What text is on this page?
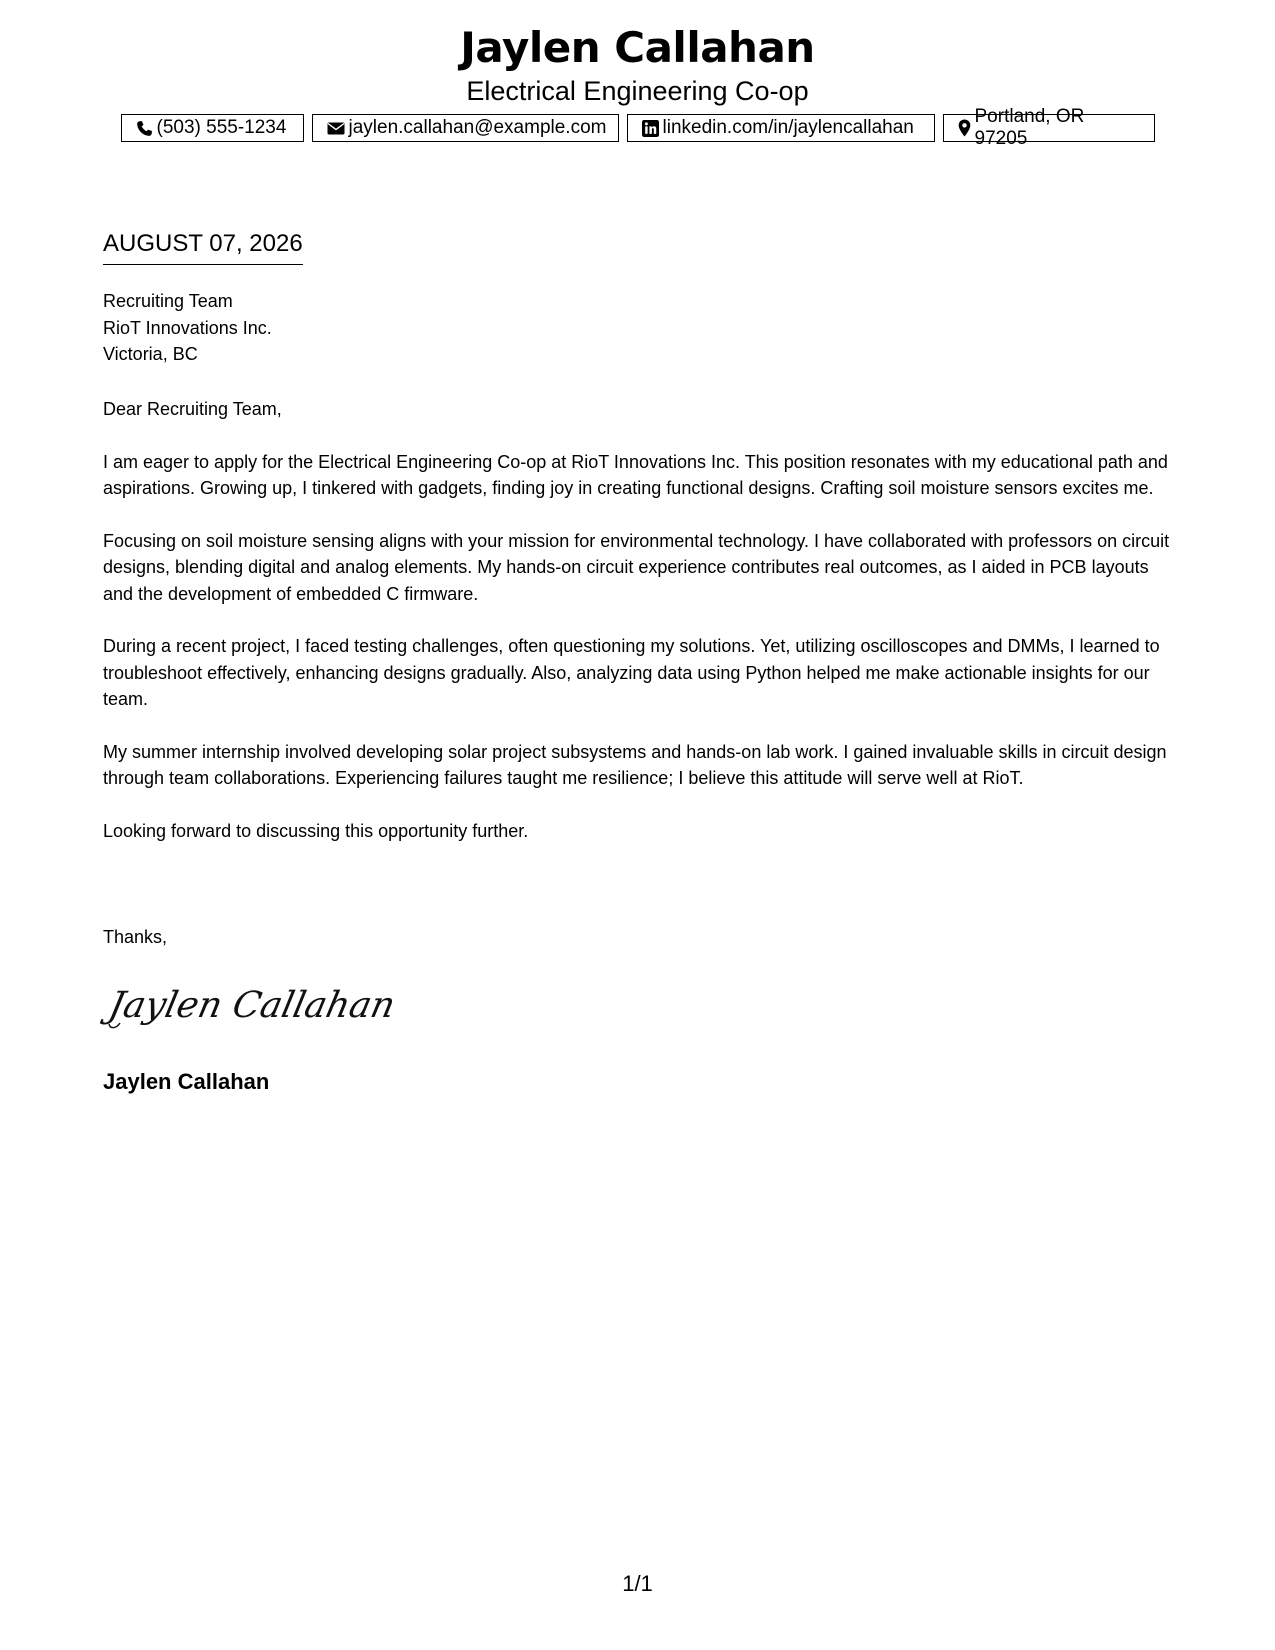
Jaylen Callahan
Electrical Engineering Co-op
(503) 555-1234	jaylen.callahan@example.com	linkedin.com/in/jaylencallahan
Portland, OR 97205
AUGUST 07, 2026
Recruiting Team
RioT Innovations Inc.
Victoria, BC

Dear Recruiting Team,

I am eager to apply for the Electrical Engineering Co-op at RioT Innovations Inc. This position resonates with my educational path and aspirations. Growing up, I tinkered with gadgets, finding joy in creating functional designs. Crafting soil moisture sensors excites me.

Focusing on soil moisture sensing aligns with your mission for environmental technology. I have collaborated with professors on circuit designs, blending digital and analog elements. My hands-on circuit experience contributes real outcomes, as I aided in PCB layouts and the development of embedded C firmware.

During a recent project, I faced testing challenges, often questioning my solutions. Yet, utilizing oscilloscopes and DMMs, I learned to troubleshoot effectively, enhancing designs gradually. Also, analyzing data using Python helped me make actionable insights for our team.

My summer internship involved developing solar project subsystems and hands-on lab work. I gained invaluable skills in circuit design through team collaborations. Experiencing failures taught me resilience; I believe this attitude will serve well at RioT.

Looking forward to discussing this opportunity further.

Thanks,
Jaylen Callahan
Jaylen Callahan
1/1
